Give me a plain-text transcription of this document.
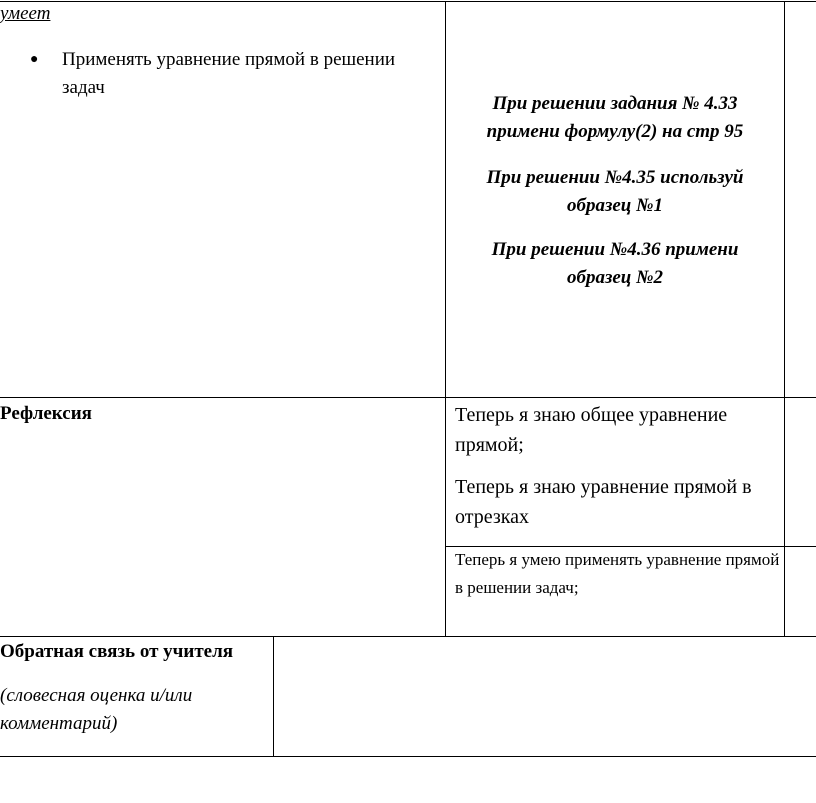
умеет
● Применять уравнение прямой в решении задач
При решении задания № 4.33 примени формулу(2) на стр 95
При решении №4.35 используй образец №1
При решении №4.36 примени образец №2
Рефлексия	Теперь я знаю общее уравнение прямой;
Теперь я знаю уравнение прямой в отрезках
Теперь я умею применять уравнение прямой в решении задач;
Обратная связь от учителя
(словесная оценка и/или комментарий)
